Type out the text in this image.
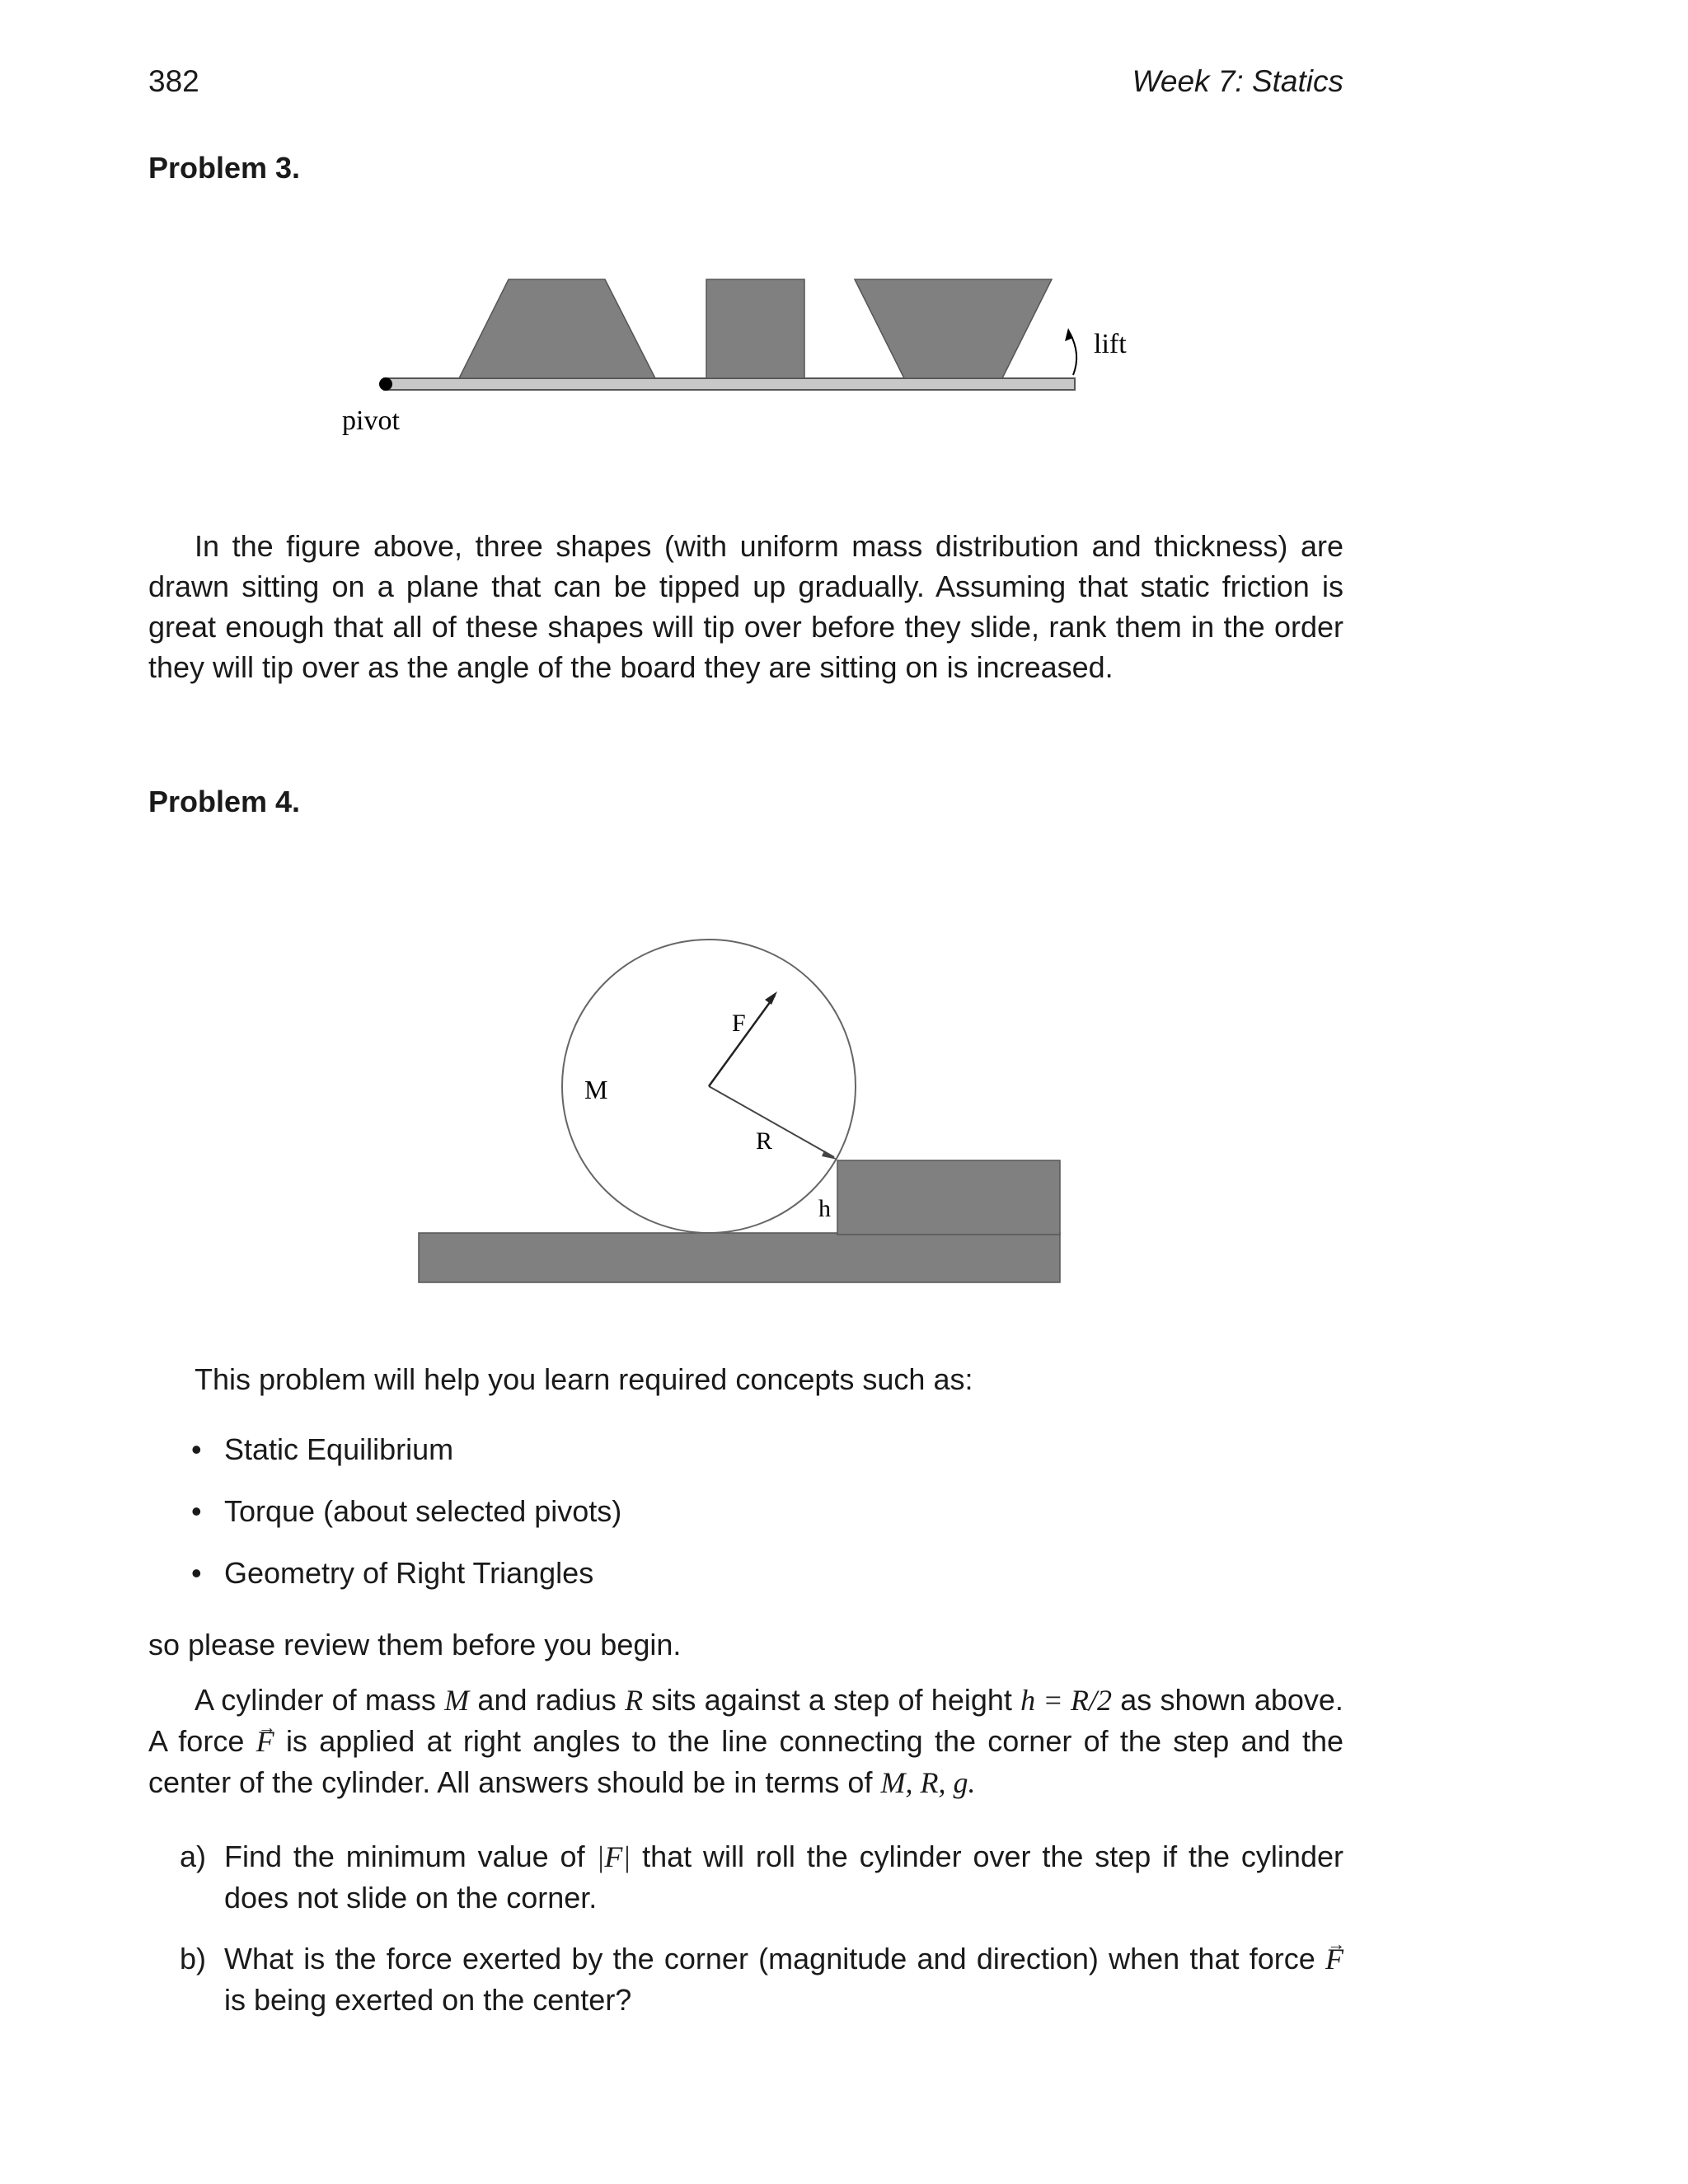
382	Week 7: Statics
Problem 3.
lift
pivot

In the figure above, three shapes (with uniform mass distribution and thickness) are drawn sitting on a plane that can be tipped up gradually. Assuming that static friction is great enough that all of these shapes will tip over before they slide, rank them in the order they will tip over as the angle of the board they are sitting on is increased.

Problem 4.
M
F
R
h
This problem will help you learn required concepts such as:
• Static Equilibrium
• Torque (about selected pivots)
• Geometry of Right Triangles
so please review them before you begin.

A cylinder of mass M and radius R sits against a step of height h = R/2 as shown above. A force F → is applied at right angles to the line connecting the corner of the step and the center of the cylinder. All answers should be in terms of M, R, g.

a) Find the minimum value of |F| that will roll the cylinder over the step if the cylinder does not slide on the corner.
b) What is the force exerted by the corner (magnitude and direction) when that force F → is being exerted on the center?
